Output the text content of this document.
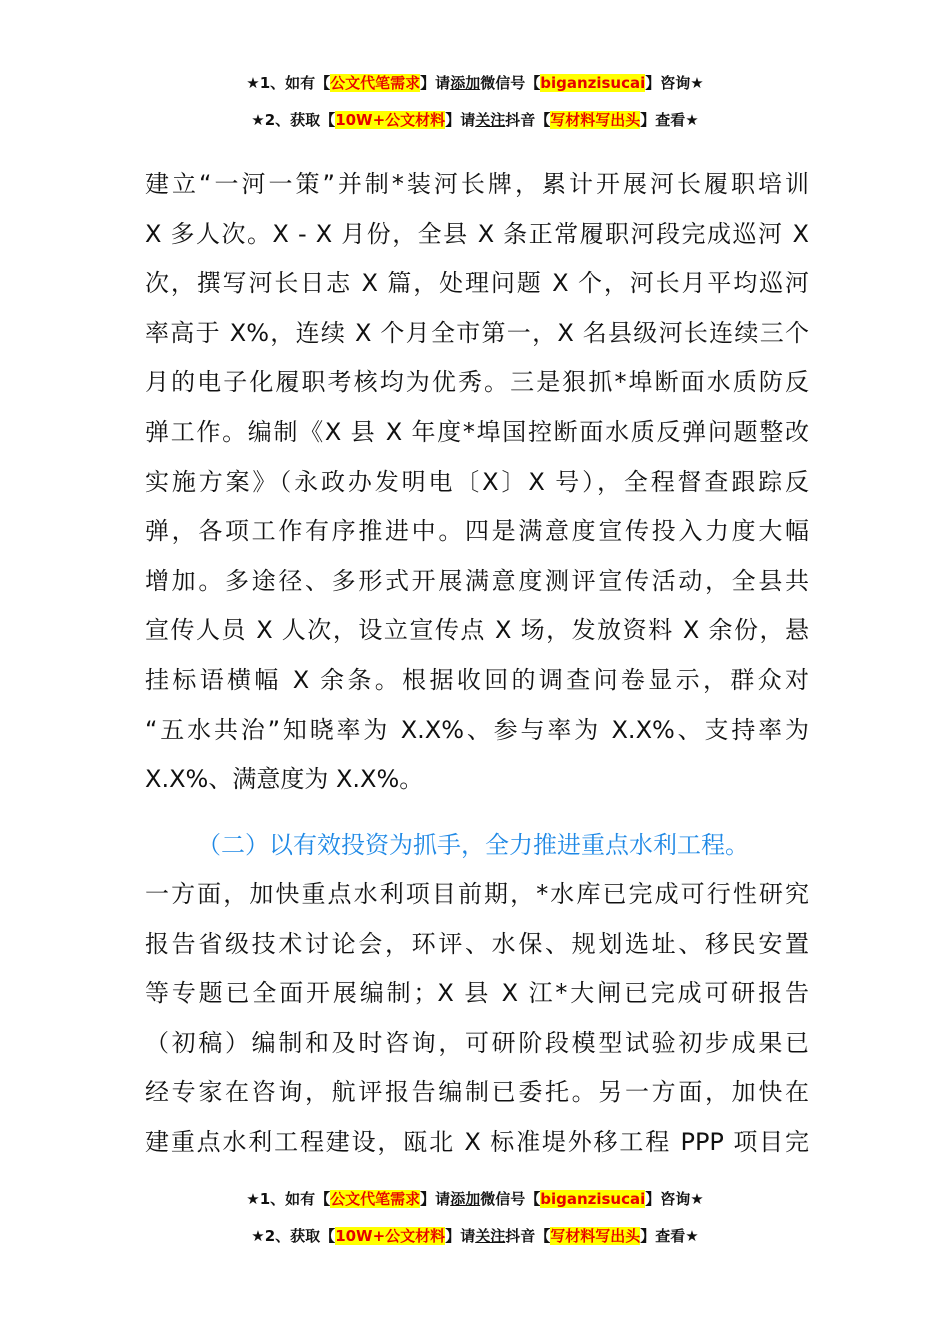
★1、如有【公文代笔需求】请添加微信号【biganzisucai】咨询★
★2、获取【10W+公文材料】请关注抖音【写材料写出头】查看★

建立“一河一策”并制*装河长牌，累计开展河长履职培训
X 多人次。X - X 月份，全县 X 条正常履职河段完成巡河 X
次，撰写河长日志 X 篇，处理问题 X 个，河长月平均巡河
率高于 X%，连续 X 个月全市第一，X 名县级河长连续三个
月的电子化履职考核均为优秀。三是狠抓*埠断面水质防反
弹工作。编制《X 县 X 年度*埠国控断面水质反弹问题整改
实施方案》（永政办发明电〔X〕X 号），全程督查跟踪反
弹，各项工作有序推进中。四是满意度宣传投入力度大幅
增加。多途径、多形式开展满意度测评宣传活动，全县共
宣传人员 X 人次，设立宣传点 X 场，发放资料 X 余份，悬
挂标语横幅 X 余条。根据收回的调查问卷显示，群众对
“五水共治”知晓率为 X.X%、参与率为 X.X%、支持率为
X.X%、满意度为 X.X%。

（二）以有效投资为抓手，全力推进重点水利工程。

一方面，加快重点水利项目前期，*水库已完成可行性研究
报告省级技术讨论会，环评、水保、规划选址、移民安置
等专题已全面开展编制；X 县 X 江*大闸已完成可研报告
（初稿）编制和及时咨询，可研阶段模型试验初步成果已
经专家在咨询，航评报告编制已委托。另一方面，加快在
建重点水利工程建设，瓯北 X 标准堤外移工程 PPP 项目完

★1、如有【公文代笔需求】请添加微信号【biganzisucai】咨询★
★2、获取【10W+公文材料】请关注抖音【写材料写出头】查看★
